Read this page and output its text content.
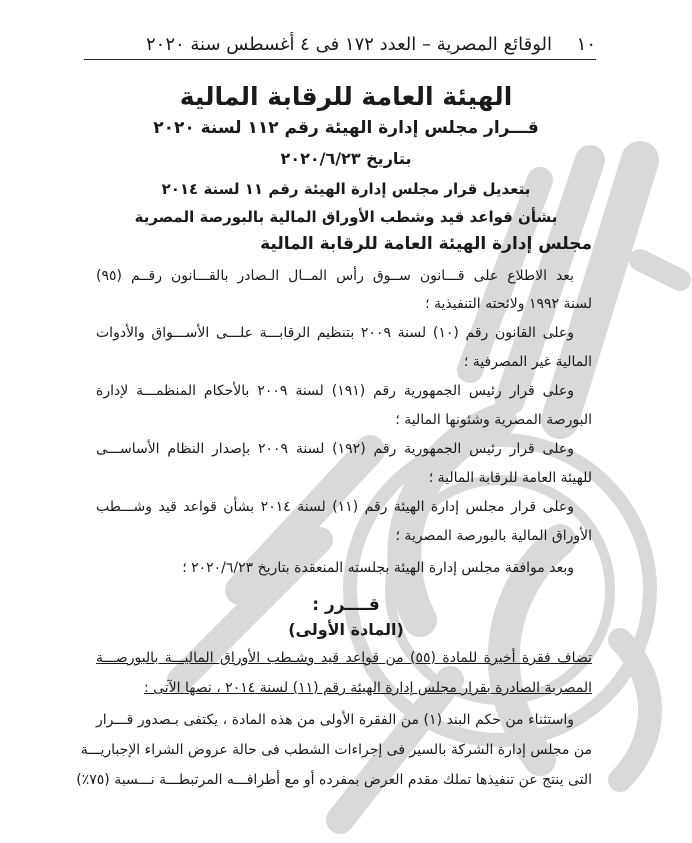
١٠
الوقائع المصرية – العدد ١٧٢ فى ٤ أغسطس سنة ٢٠٢٠
الهيئة العامة للرقابة المالية
قـــرار مجلس إدارة الهيئة رقم ١١٢ لسنة ٢٠٢٠
بتاريخ ٢٠٢٠/٦/٢٣
بتعديل قرار مجلس إدارة الهيئة رقم ١١ لسنة ٢٠١٤
بشأن قواعد قيد وشطب الأوراق المالية بالبورصة المصرية
مجلس إدارة الهيئة العامة للرقابة المالية
بعد الاطلاع على قـــانون ســوق رأس المــال الـصادر بالقـــانون رقــم (٩٥)
لسنة ١٩٩٢ ولائحته التنفيذية ؛
وعلى القانون رقم (١٠) لسنة ٢٠٠٩ بتنظيم الرقابـــة علـــى الأســـواق والأدوات
المالية غير المصرفية ؛
وعلى قرار رئيس الجمهورية رقم (١٩١) لسنة ٢٠٠٩ بالأحكام المنظمـــة لإدارة
البورصة المصرية وشئونها المالية ؛
وعلى قرار رئيس الجمهورية رقم (١٩٢) لسنة ٢٠٠٩ بإصدار النظام الأساســـى
للهيئة العامة للرقابة المالية ؛
وعلى قرار مجلس إدارة الهيئة رقم (١١) لسنة ٢٠١٤ بشأن قواعد قيد وشـــطب
الأوراق المالية بالبورصة المصرية ؛
وبعد موافقة مجلس إدارة الهيئة بجلسته المنعقدة بتاريخ ٢٠٢٠/٦/٢٣ ؛
قــــرر :
(المادة الأولى)
تضاف فقرة أخيرة للمادة (٥٥) من قواعد قيد وشـطب الأوراق الماليـــة بالبورصـــة
المصرية الصادرة بقرار مجلس إدارة الهيئة رقم (١١) لسنة ٢٠١٤ ، نصها الآتى :
واستثناء من حكم البند (١) من الفقرة الأولى من هذه المادة ، يكتفى بـصدور قـــرار
من مجلس إدارة الشركة بالسير فى إجراءات الشطب فى حالة عروض الشراء الإجباريـــة
التى ينتج عن تنفيذها تملك مقدم العرض بمفرده أو مع أطرافـــه المرتبطـــة نـــسبة (٧٥٪)
